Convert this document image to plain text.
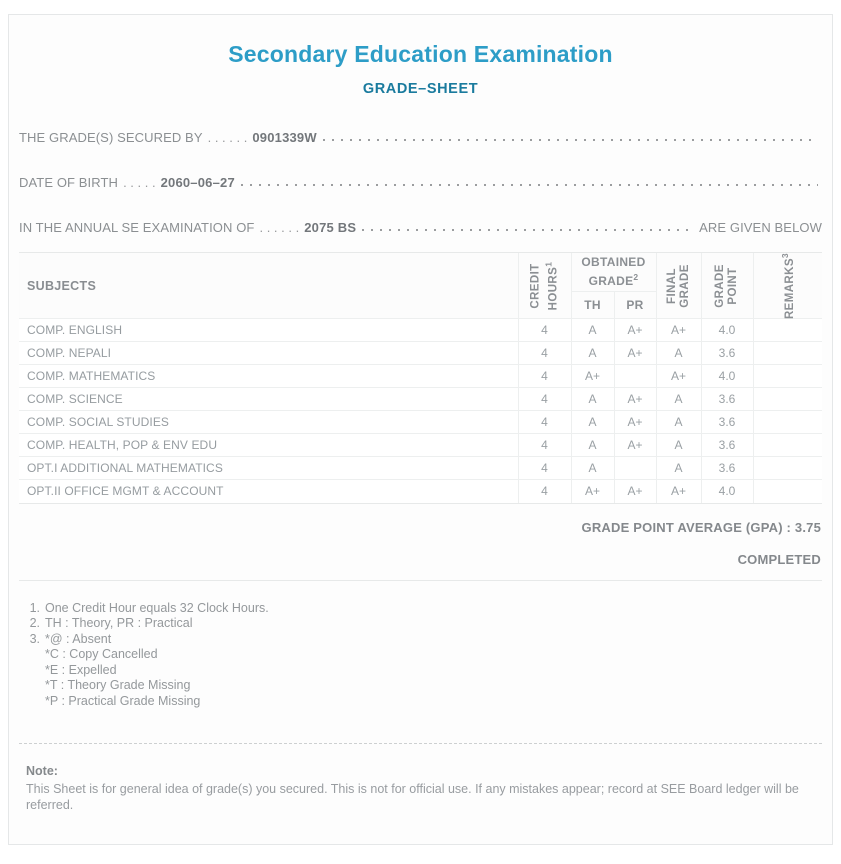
Secondary Education Examination
GRADE–SHEET
THE GRADE(S) SECURED BY . . . . . . 0901339W
DATE OF BIRTH . . . . . 2060–06–27
IN THE ANNUAL SE EXAMINATION OF . . . . . . 2075 BS	ARE GIVEN BELOW
SUBJECTS	CREDIT HOURS$^1$	OBTAINED GRADE$^2$	FINAL GRADE	GRADE POINT	REMARKS$^3$

		TH	PR			
COMP. ENGLISH	4	A	A+	A+	4.0	
COMP. NEPALI	4	A	A+	A	3.6	
COMP. MATHEMATICS	4	A+		A+	4.0	
COMP. SCIENCE	4	A	A+	A	3.6	
COMP. SOCIAL STUDIES	4	A	A+	A	3.6	
COMP. HEALTH, POP & ENV EDU	4	A	A+	A	3.6	
OPT.I ADDITIONAL MATHEMATICS	4	A		A	3.6	
OPT.II OFFICE MGMT & ACCOUNT	4	A+	A+	A+	4.0	
GRADE POINT AVERAGE (GPA) : 3.75
COMPLETED
1. One Credit Hour equals 32 Clock Hours.
2. TH : Theory, PR : Practical
3. *@ : Absent
*C : Copy Cancelled
*E : Expelled
*T : Theory Grade Missing
*P : Practical Grade Missing
Note:
This Sheet is for general idea of grade(s) you secured. This is not for official use. If any mistakes appear; record at SEE Board ledger will be referred.
